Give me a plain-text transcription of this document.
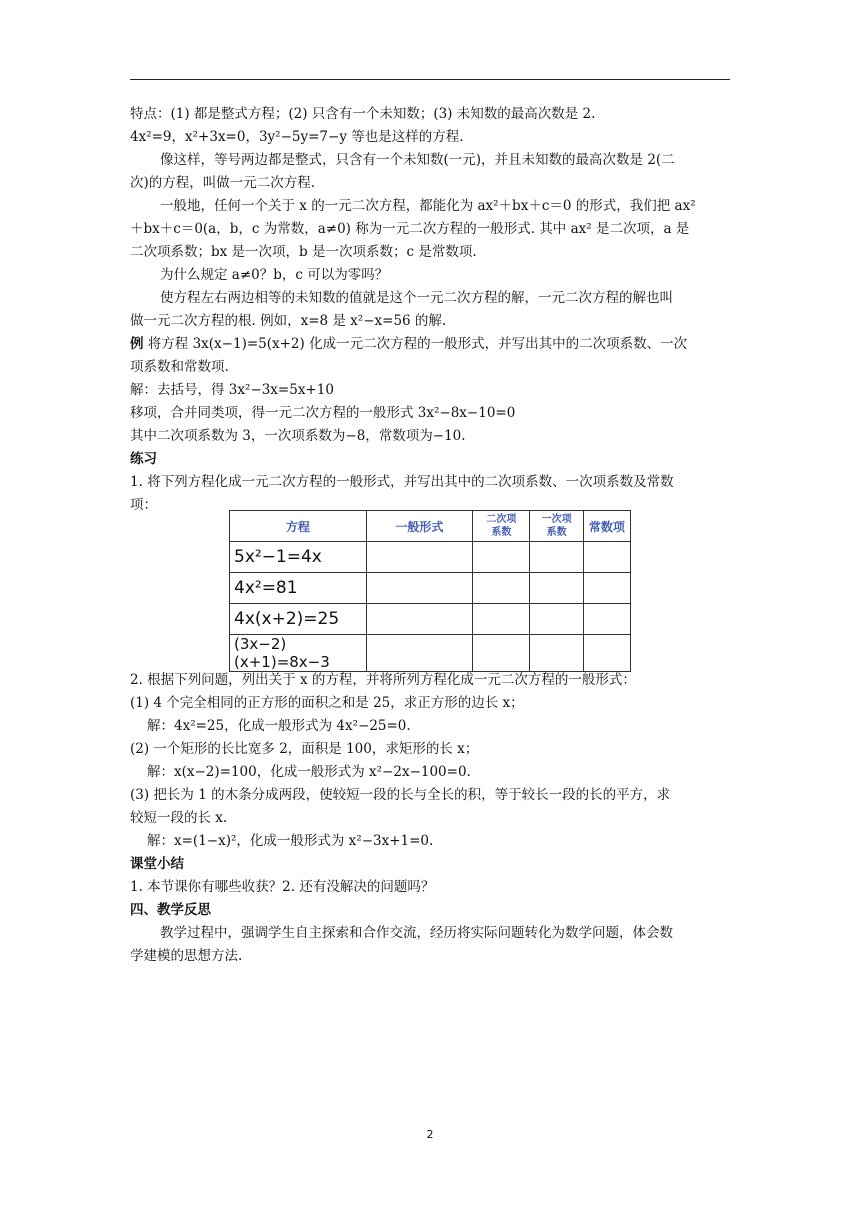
特点：(1) 都是整式方程；(2) 只含有一个未知数；(3) 未知数的最高次数是 2.
4x²=9，x²+3x=0，3y²−5y=7−y 等也是这样的方程.
像这样，等号两边都是整式，只含有一个未知数(一元)，并且未知数的最高次数是 2(二
次)的方程，叫做一元二次方程.
一般地，任何一个关于 x 的一元二次方程，都能化为 ax²＋bx＋c＝0 的形式，我们把 ax²
＋bx＋c＝0(a，b，c 为常数，a≠0) 称为一元二次方程的一般形式. 其中 ax² 是二次项，a 是
二次项系数；bx 是一次项，b 是一次项系数；c 是常数项.
为什么规定 a≠0？b，c 可以为零吗？
使方程左右两边相等的未知数的值就是这个一元二次方程的解，一元二次方程的解也叫
做一元二次方程的根. 例如，x=8 是 x²−x=56 的解.
例 将方程 3x(x−1)=5(x+2) 化成一元二次方程的一般形式，并写出其中的二次项系数、一次
项系数和常数项.
解：去括号，得 3x²−3x=5x+10
移项，合并同类项，得一元二次方程的一般形式 3x²−8x−10=0
其中二次项系数为 3，一次项系数为−8，常数项为−10.
练习
1. 将下列方程化成一元二次方程的一般形式，并写出其中的二次项系数、一次项系数及常数
项：
方程	一般形式	二次项系数	一次项系数	常数项
5x²−1=4x				
4x²=81				
4x(x+2)=25				
(3x−2)(x+1)=8x−3				
2. 根据下列问题，列出关于 x 的方程，并将所列方程化成一元二次方程的一般形式：
(1) 4 个完全相同的正方形的面积之和是 25，求正方形的边长 x；
解：4x²=25，化成一般形式为 4x²−25=0.
(2) 一个矩形的长比宽多 2，面积是 100，求矩形的长 x；
解：x(x−2)=100，化成一般形式为 x²−2x−100=0.
(3) 把长为 1 的木条分成两段，使较短一段的长与全长的积，等于较长一段的长的平方，求
较短一段的长 x.
解：x=(1−x)²，化成一般形式为 x²−3x+1=0.
课堂小结
1. 本节课你有哪些收获？2. 还有没解决的问题吗？
四、教学反思
教学过程中，强调学生自主探索和合作交流，经历将实际问题转化为数学问题，体会数
学建模的思想方法.
2
